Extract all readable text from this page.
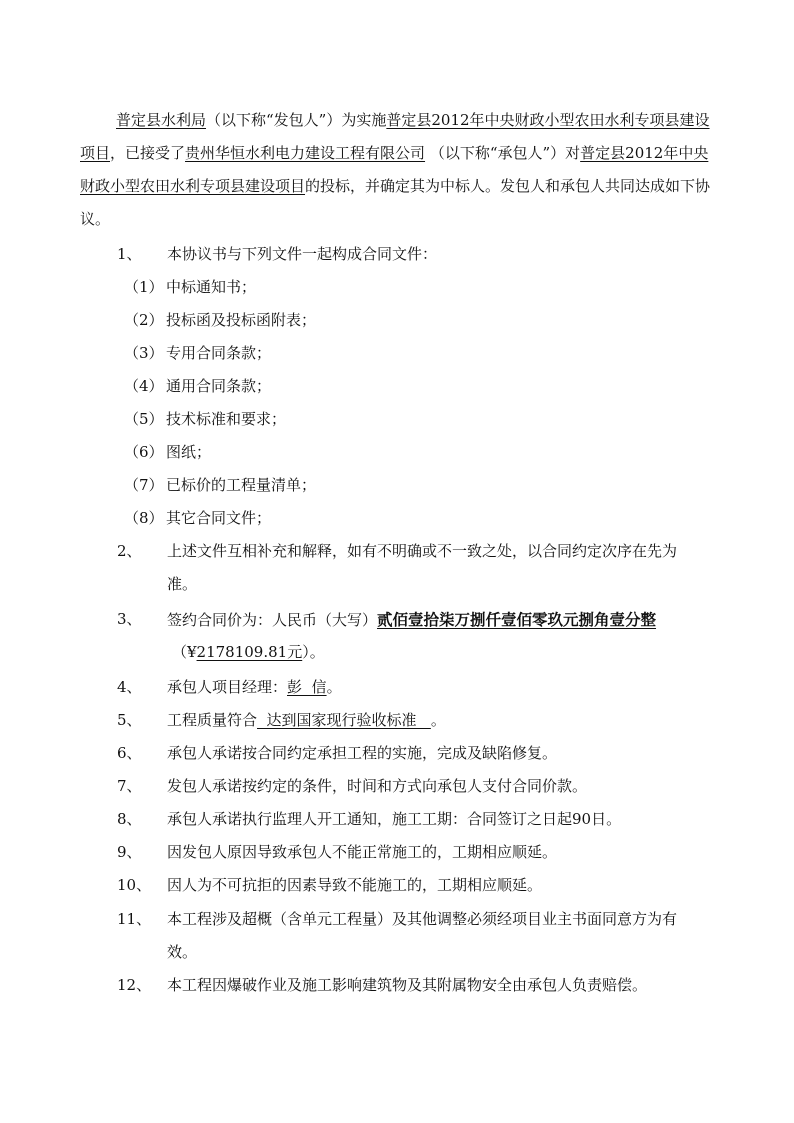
普定县水利局（以下称“发包人”）为实施普定县2012年中央财政小型农田水利专项县建设项目，已接受了贵州华恒水利电力建设工程有限公司 （以下称“承包人”）对普定县2012年中央财政小型农田水利专项县建设项目的投标，并确定其为中标人。发包人和承包人共同达成如下协议。

1、 本协议书与下列文件一起构成合同文件：
（1） 中标通知书；
（2） 投标函及投标函附表；
（3） 专用合同条款；
（4） 通用合同条款；
（5） 技术标准和要求；
（6） 图纸；
（7） 已标价的工程量清单；
（8） 其它合同文件；
2、 上述文件互相补充和解释，如有不明确或不一致之处，以合同约定次序在先为
准。
3、 签约合同价为：人民币（大写）贰佰壹拾柒万捌仟壹佰零玖元捌角壹分整
（¥2178109.81元）。
4、 承包人项目经理：彭  信。
5、 工程质量符合  达到国家现行验收标准   。
6、 承包人承诺按合同约定承担工程的实施，完成及缺陷修复。
7、 发包人承诺按约定的条件，时间和方式向承包人支付合同价款。
8、 承包人承诺执行监理人开工通知，施工工期：合同签订之日起90日。
9、 因发包人原因导致承包人不能正常施工的，工期相应顺延。
10、 因人为不可抗拒的因素导致不能施工的，工期相应顺延。
11、 本工程涉及超概（含单元工程量）及其他调整必须经项目业主书面同意方为有
效。
12、 本工程因爆破作业及施工影响建筑物及其附属物安全由承包人负责赔偿。
